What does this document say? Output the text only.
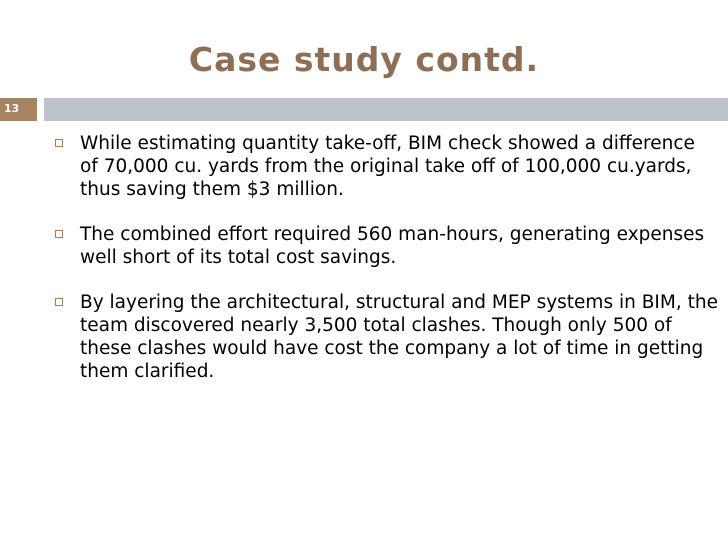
Case study contd.
13
While estimating quantity take-off, BIM check showed a difference of 70,000 cu. yards from the original take off of 100,000 cu.yards, thus saving them $3 million.
The combined effort required 560 man-hours, generating expenses well short of its total cost savings.
By layering the architectural, structural and MEP systems in BIM, the team discovered nearly 3,500 total clashes. Though only 500 of these clashes would have cost the company a lot of time in getting them clarified.
